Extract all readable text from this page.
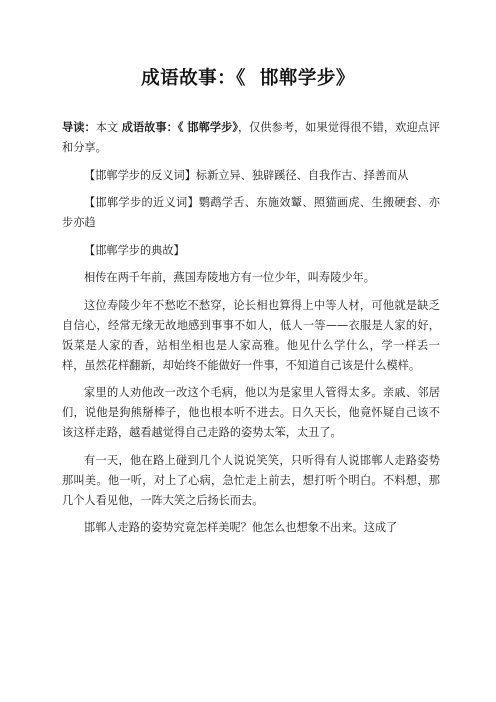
成语故事：《 邯郸学步》

导读：本文 成语故事：《 邯郸学步》，仅供参考，如果觉得很不错，欢迎点评和分享。

【邯郸学步的反义词】标新立异、独辟蹊径、自我作古、择善而从

【邯郸学步的近义词】鹦鹉学舌、东施效颦、照猫画虎、生搬硬套、亦步亦趋

【邯郸学步的典故】

相传在两千年前，燕国寿陵地方有一位少年，叫寿陵少年。

这位寿陵少年不愁吃不愁穿，论长相也算得上中等人材，可他就是缺乏自信心，经常无缘无故地感到事事不如人，低人一等——衣服是人家的好，饭菜是人家的香，站相坐相也是人家高雅。他见什么学什么，学一样丢一样，虽然花样翻新，却始终不能做好一件事，不知道自己该是什么模样。

家里的人劝他改一改这个毛病，他以为是家里人管得太多。亲戚、邻居们，说他是狗熊掰棒子，他也根本听不进去。日久天长，他竟怀疑自己该不该这样走路，越看越觉得自己走路的姿势太笨，太丑了。

有一天，他在路上碰到几个人说说笑笑，只听得有人说邯郸人走路姿势那叫美。他一听，对上了心病，急忙走上前去，想打听个明白。不料想，那几个人看见他，一阵大笑之后扬长而去。

邯郸人走路的姿势究竟怎样美呢？他怎么也想象不出来。这成了
